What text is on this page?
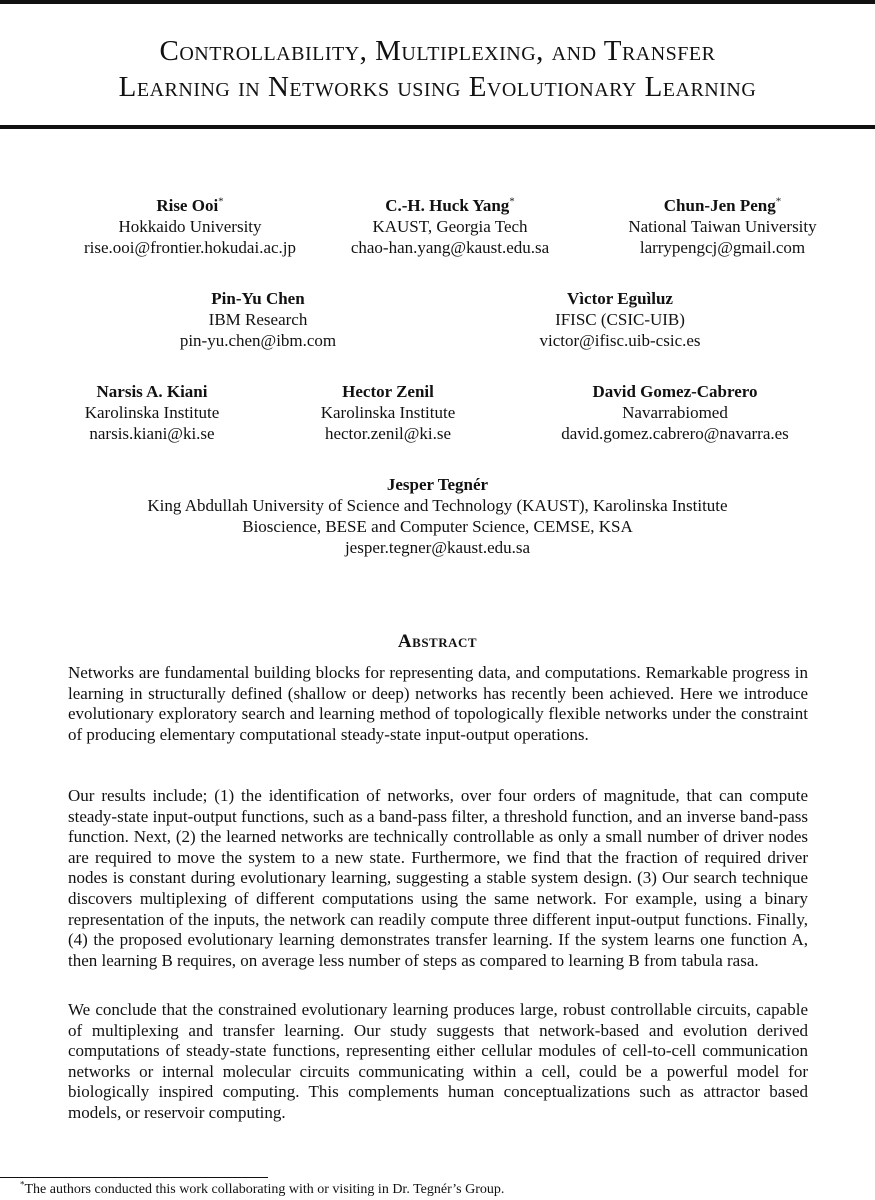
Controllability, Multiplexing, and Transfer
Learning in Networks using Evolutionary Learning
Rise Ooi*
Hokkaido University
rise.ooi@frontier.hokudai.ac.jp
C.-H. Huck Yang*
KAUST, Georgia Tech
chao-han.yang@kaust.edu.sa
Chun-Jen Peng*
National Taiwan University
larrypengcj@gmail.com
Pin-Yu Chen
IBM Research
pin-yu.chen@ibm.com
Vìctor Eguìluz
IFISC (CSIC-UIB)
victor@ifisc.uib-csic.es
Narsis A. Kiani
Karolinska Institute
narsis.kiani@ki.se
Hector Zenil
Karolinska Institute
hector.zenil@ki.se
David Gomez-Cabrero
Navarrabiomed
david.gomez.cabrero@navarra.es
Jesper Tegnér
King Abdullah University of Science and Technology (KAUST), Karolinska Institute
Bioscience, BESE and Computer Science, CEMSE, KSA
jesper.tegner@kaust.edu.sa
Abstract

Networks are fundamental building blocks for representing data, and computations. Remarkable progress in learning in structurally defined (shallow or deep) networks has recently been achieved. Here we introduce evolutionary exploratory search and learning method of topologically flexible networks under the constraint of producing elementary computational steady-state input-output operations.

Our results include; (1) the identification of networks, over four orders of magnitude, that can compute steady-state input-output functions, such as a band-pass filter, a threshold function, and an inverse band-pass function. Next, (2) the learned networks are technically controllable as only a small number of driver nodes are required to move the system to a new state. Furthermore, we find that the fraction of required driver nodes is constant during evolutionary learning, suggesting a stable system design. (3) Our search technique discovers multiplexing of different computations using the same network. For example, using a binary representation of the inputs, the network can readily compute three different input-output functions. Finally, (4) the proposed evolutionary learning demonstrates transfer learning. If the system learns one function A, then learning B requires, on average less number of steps as compared to learning B from tabula rasa.

We conclude that the constrained evolutionary learning produces large, robust controllable circuits, capable of multiplexing and transfer learning. Our study suggests that network-based and evolution derived computations of steady-state functions, representing either cellular modules of cell-to-cell communication networks or internal molecular circuits communicating within a cell, could be a powerful model for biologically inspired computing. This complements human conceptualizations such as attractor based models, or reservoir computing.

*The authors conducted this work collaborating with or visiting in Dr. Tegnér’s Group.
